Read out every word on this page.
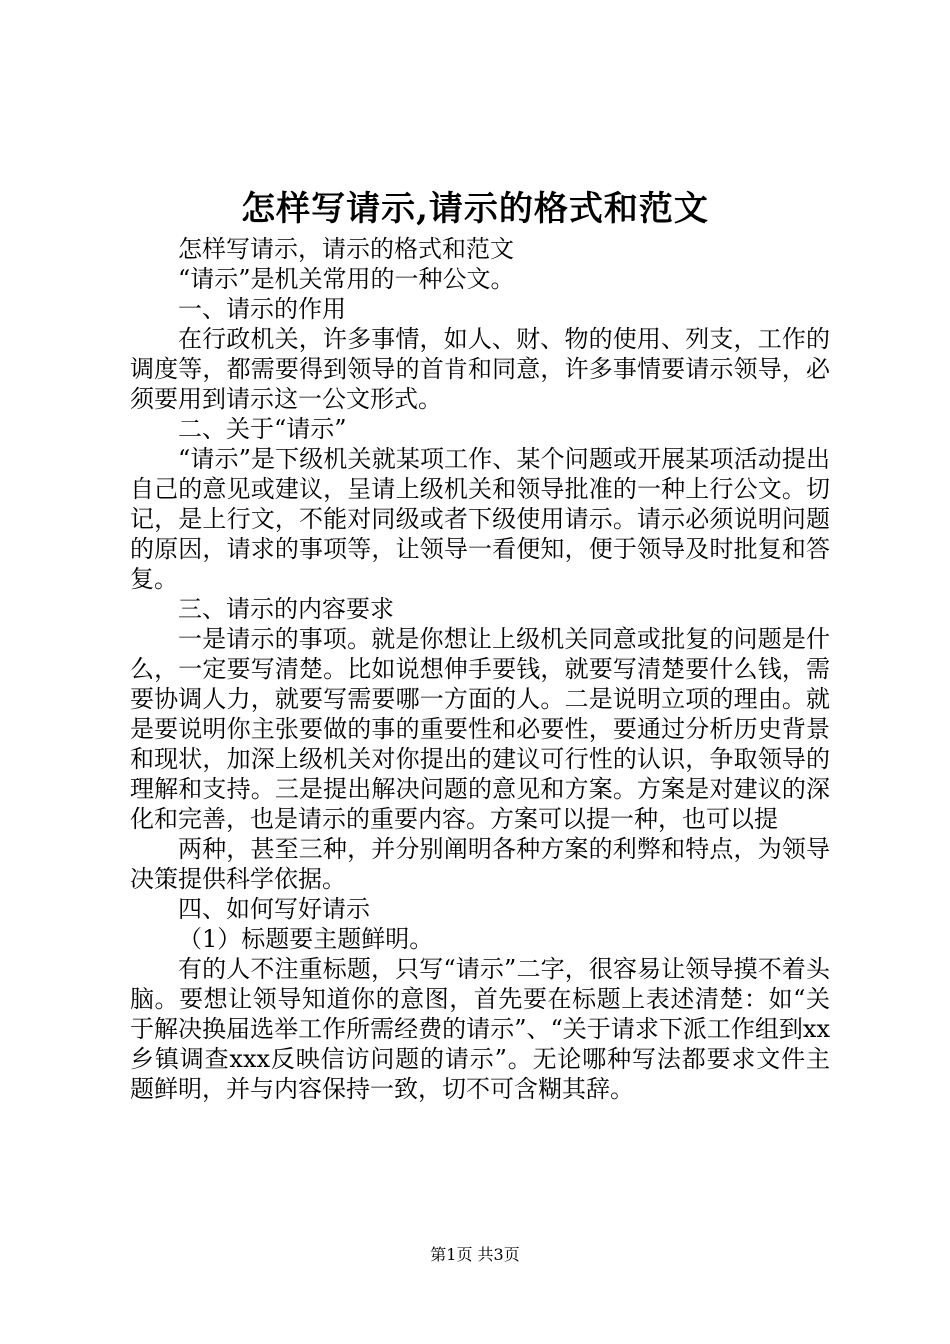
怎样写请示,请示的格式和范文

怎样写请示，请示的格式和范文

“请示”是机关常用的一种公文。

一、请示的作用

在行政机关，许多事情，如人、财、物的使用、列支，工作的调度等，都需要得到领导的首肯和同意，许多事情要请示领导，必须要用到请示这一公文形式。

二、关于“请示”

“请示”是下级机关就某项工作、某个问题或开展某项活动提出自己的意见或建议，呈请上级机关和领导批准的一种上行公文。切记，是上行文，不能对同级或者下级使用请示。请示必须说明问题的原因，请求的事项等，让领导一看便知，便于领导及时批复和答复。

三、请示的内容要求

一是请示的事项。就是你想让上级机关同意或批复的问题是什么，一定要写清楚。比如说想伸手要钱，就要写清楚要什么钱，需要协调人力，就要写需要哪一方面的人。二是说明立项的理由。就是要说明你主张要做的事的重要性和必要性，要通过分析历史背景和现状，加深上级机关对你提出的建议可行性的认识，争取领导的理解和支持。三是提出解决问题的意见和方案。方案是对建议的深化和完善，也是请示的重要内容。方案可以提一种，也可以提

两种，甚至三种，并分别阐明各种方案的利弊和特点，为领导决策提供科学依据。

四、如何写好请示

（1）标题要主题鲜明。

有的人不注重标题，只写“请示”二字，很容易让领导摸不着头脑。要想让领导知道你的意图，首先要在标题上表述清楚：如“关于解决换届选举工作所需经费的请示”、“关于请求下派工作组到xx乡镇调查xxx反映信访问题的请示”。无论哪种写法都要求文件主题鲜明，并与内容保持一致，切不可含糊其辞。

第1页 共3页
